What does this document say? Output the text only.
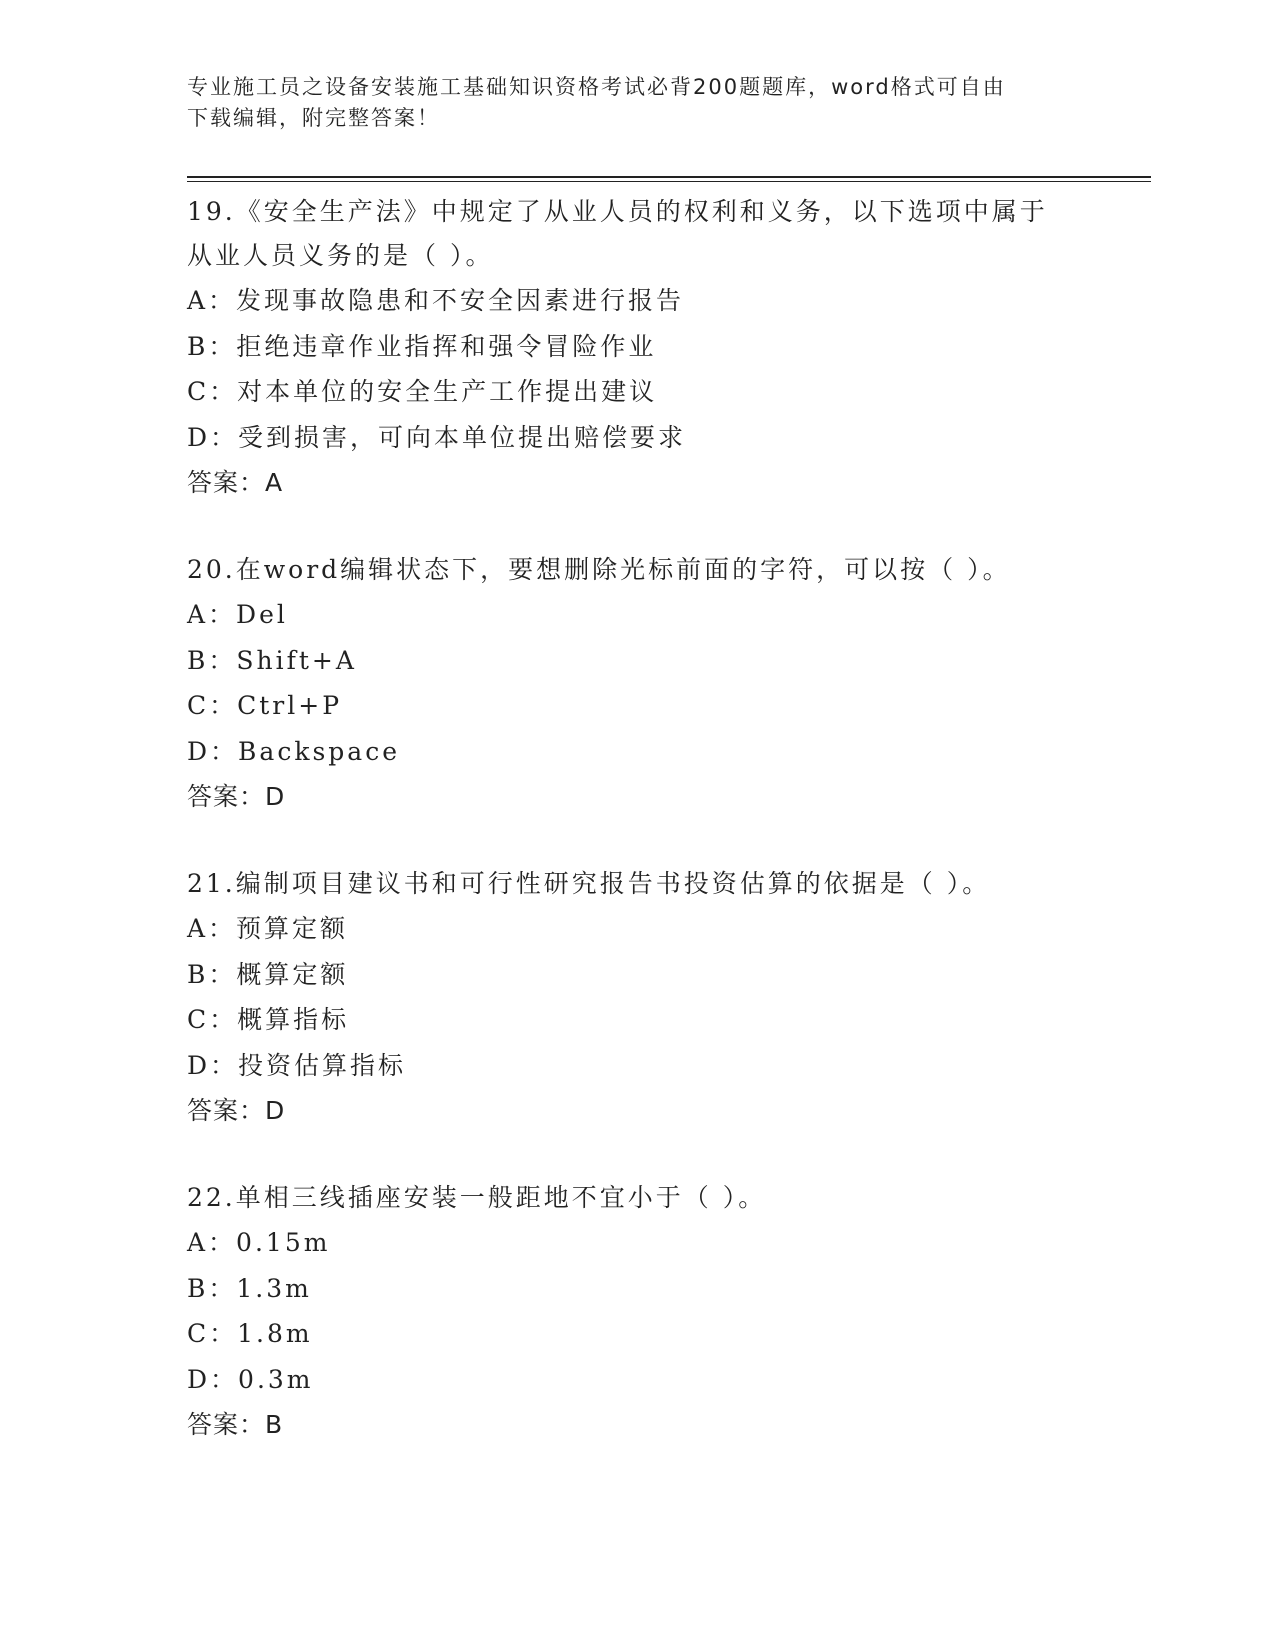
专业施工员之设备安装施工基础知识资格考试必背200题题库，word格式可自由
下载编辑，附完整答案！
19.《安全生产法》中规定了从业人员的权利和义务，以下选项中属于
从业人员义务的是（ ）。
A：发现事故隐患和不安全因素进行报告
B：拒绝违章作业指挥和强令冒险作业
C：对本单位的安全生产工作提出建议
D：受到损害，可向本单位提出赔偿要求
答案：A
20.在word编辑状态下，要想删除光标前面的字符，可以按（ ）。
A：Del
B：Shift+A
C：Ctrl+P
D：Backspace
答案：D
21.编制项目建议书和可行性研究报告书投资估算的依据是（ ）。
A：预算定额
B：概算定额
C：概算指标
D：投资估算指标
答案：D
22.单相三线插座安装一般距地不宜小于（ ）。
A：0.15m
B：1.3m
C：1.8m
D：0.3m
答案：B
